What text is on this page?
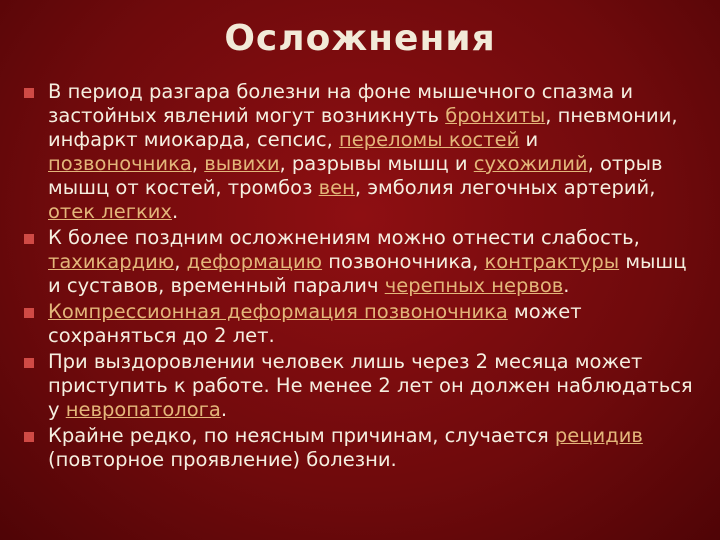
Осложнения
В период разгара болезни на фоне мышечного спазма и застойных явлений могут возникнуть бронхиты, пневмонии, инфаркт миокарда, сепсис, переломы костей и позвоночника, вывихи, разрывы мышц и сухожилий, отрыв мышц от костей, тромбоз вен, эмболия легочных артерий, отек легких.
К более поздним осложнениям можно отнести слабость, тахикардию, деформацию позвоночника, контрактуры мышц и суставов, временный паралич черепных нервов.
Компрессионная деформация позвоночника может сохраняться до 2 лет.
При выздоровлении человек лишь через 2 месяца может приступить к работе. Не менее 2 лет он должен наблюдаться у невропатолога.
Крайне редко, по неясным причинам, случается рецидив (повторное проявление) болезни.
